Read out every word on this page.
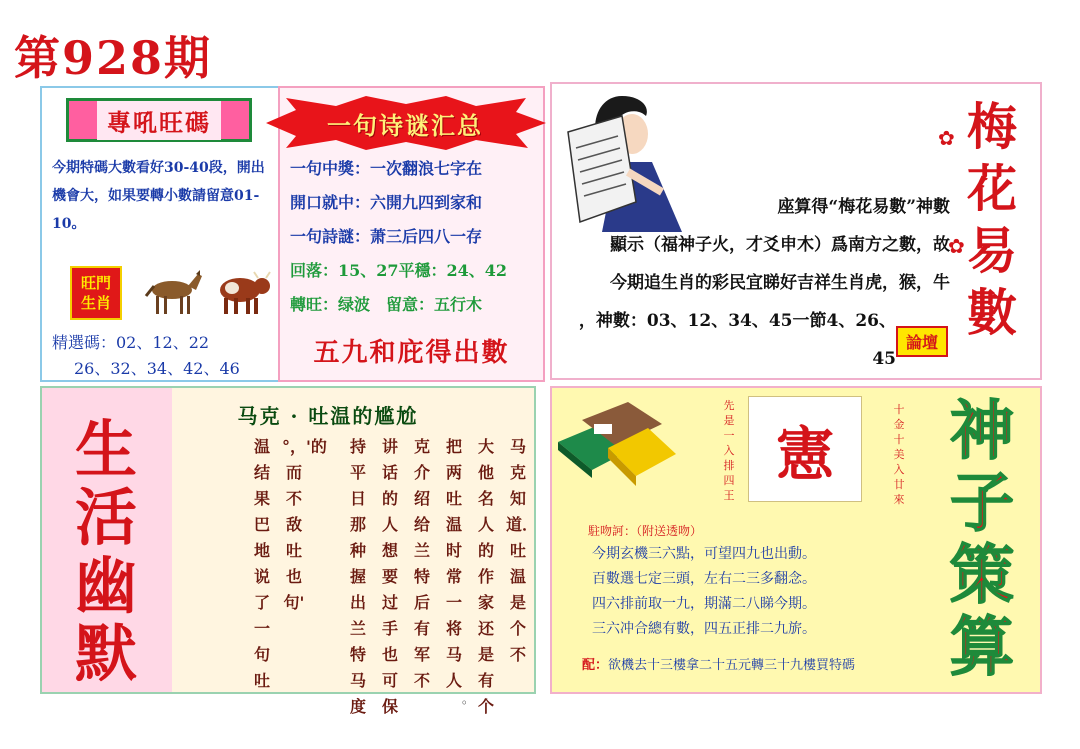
第928期
專吼旺碼
今期特碼大數看好30-40段，開出機會大，如果要轉小數請留意01-10。
旺門
生肖
精選碼：02、12、22
26、32、34、42、46
一句诗谜汇总
一句中獎：一次翻浪七字在
開口就中：六開九四到家和
一句詩謎：萧三后四八一存
回落：15、27平穩：24、42
轉旺：绿波　留意：五行木
五九和庇得出數
座算得“梅花易數”神數
顯示（福神子火，才爻申木）爲南方之數，故
今期追生肖的彩民宜睇好吉祥生肖虎，猴，牛
，神數：03、12、34、45一節4、26、45
論壇
梅
花
易
數
✿
✿
生
活
幽
默
马克 · 吐温的尴尬
马克知道．吐温是个不
大他名人的作家还是有个
把两吐温时常一将马人
克介绍给兰特后有军不
讲话的人想要过手也可保
持平日那种握出兰特马度
°，'的而不敌吐也句'
温结果巴地说了一句吐
。
憲
先是一入排四王
十金十美入廿來
神
子
策
算
駐吻訶：（附送透吻）
今期玄機三六點，可望四九也出動。
百數選七定三頭，左右二三多翻念。
四六排前取一九，期滿二八睇今期。
三六冲合總有數，四五正排二九旂。
配：欲機去十三樓拿二十五元轉三十九樓買特碼
